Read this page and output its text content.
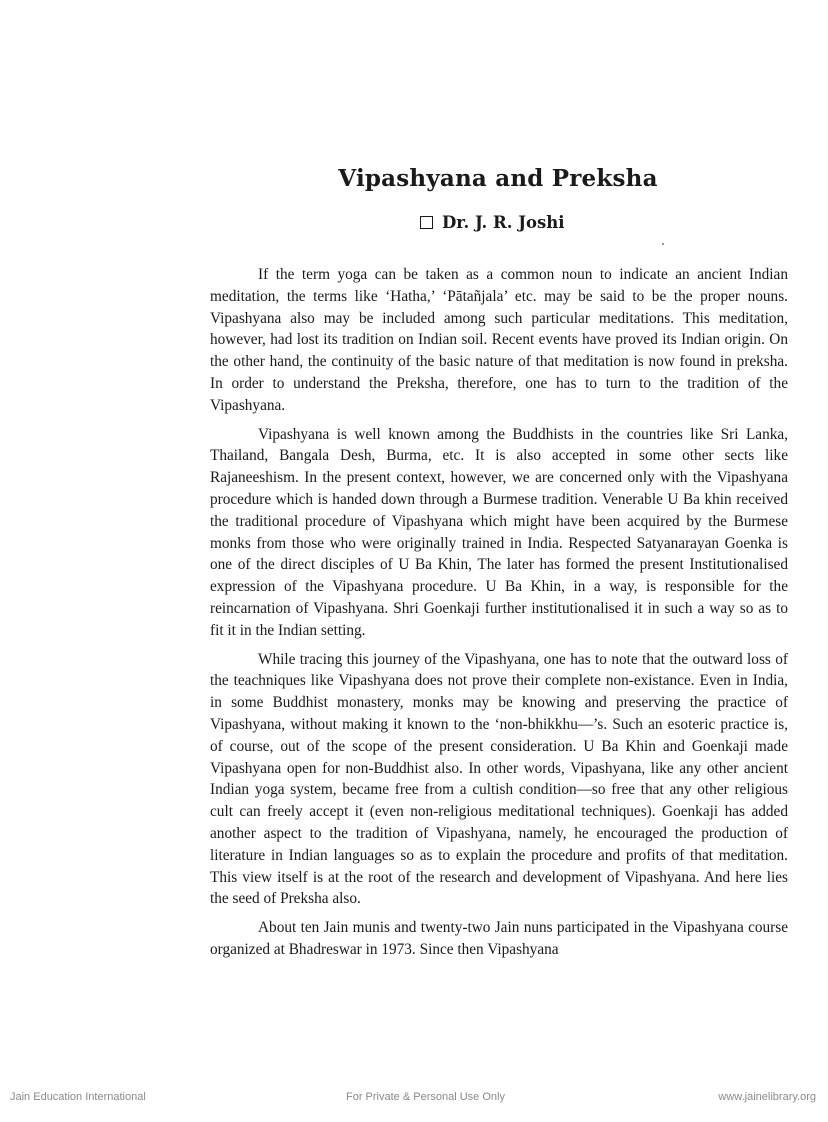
Vipashyana and Preksha
Dr. J. R. Joshi

If the term yoga can be taken as a common noun to indicate an ancient Indian meditation, the terms like ‘Hatha,’ ‘Pātañjala’ etc. may be said to be the proper nouns. Vipashyana also may be included among such particular meditations. This meditation, however, had lost its tradition on Indian soil. Recent events have proved its Indian origin. On the other hand, the continuity of the basic nature of that meditation is now found in preksha. In order to understand the Preksha, therefore, one has to turn to the tradition of the Vipashyana.

Vipashyana is well known among the Buddhists in the countries like Sri Lanka, Thailand, Bangala Desh, Burma, etc. It is also accepted in some other sects like Rajaneeshism. In the present context, however, we are concerned only with the Vipashyana procedure which is handed down through a Burmese tradition. Venerable U Ba khin received the traditional procedure of Vipashyana which might have been acquired by the Burmese monks from those who were originally trained in India. Respected Satyanarayan Goenka is one of the direct disciples of U Ba Khin, The later has formed the present Institutionalised expression of the Vipashyana procedure. U Ba Khin, in a way, is responsible for the reincarnation of Vipashyana. Shri Goenkaji further institutionalised it in such a way so as to fit it in the Indian setting.

While tracing this journey of the Vipashyana, one has to note that the outward loss of the teachniques like Vipashyana does not prove their complete non-existance. Even in India, in some Buddhist monastery, monks may be knowing and preserving the practice of Vipashyana, without making it known to the ‘non-bhikkhu—’s. Such an esoteric practice is, of course, out of the scope of the present consideration. U Ba Khin and Goenkaji made Vipashyana open for non-Buddhist also. In other words, Vipashyana, like any other ancient Indian yoga system, became free from a cultish condition—so free that any other religious cult can freely accept it (even non-religious meditational techniques). Goenkaji has added another aspect to the tradition of Vipashyana, namely, he encouraged the production of literature in Indian languages so as to explain the procedure and profits of that meditation. This view itself is at the root of the research and development of Vipashyana. And here lies the seed of Preksha also.

About ten Jain munis and twenty-two Jain nuns participated in the Vipashyana course organized at Bhadreswar in 1973. Since then Vipashyana

Jain Education International	For Private & Personal Use Only	www.jainelibrary.org
